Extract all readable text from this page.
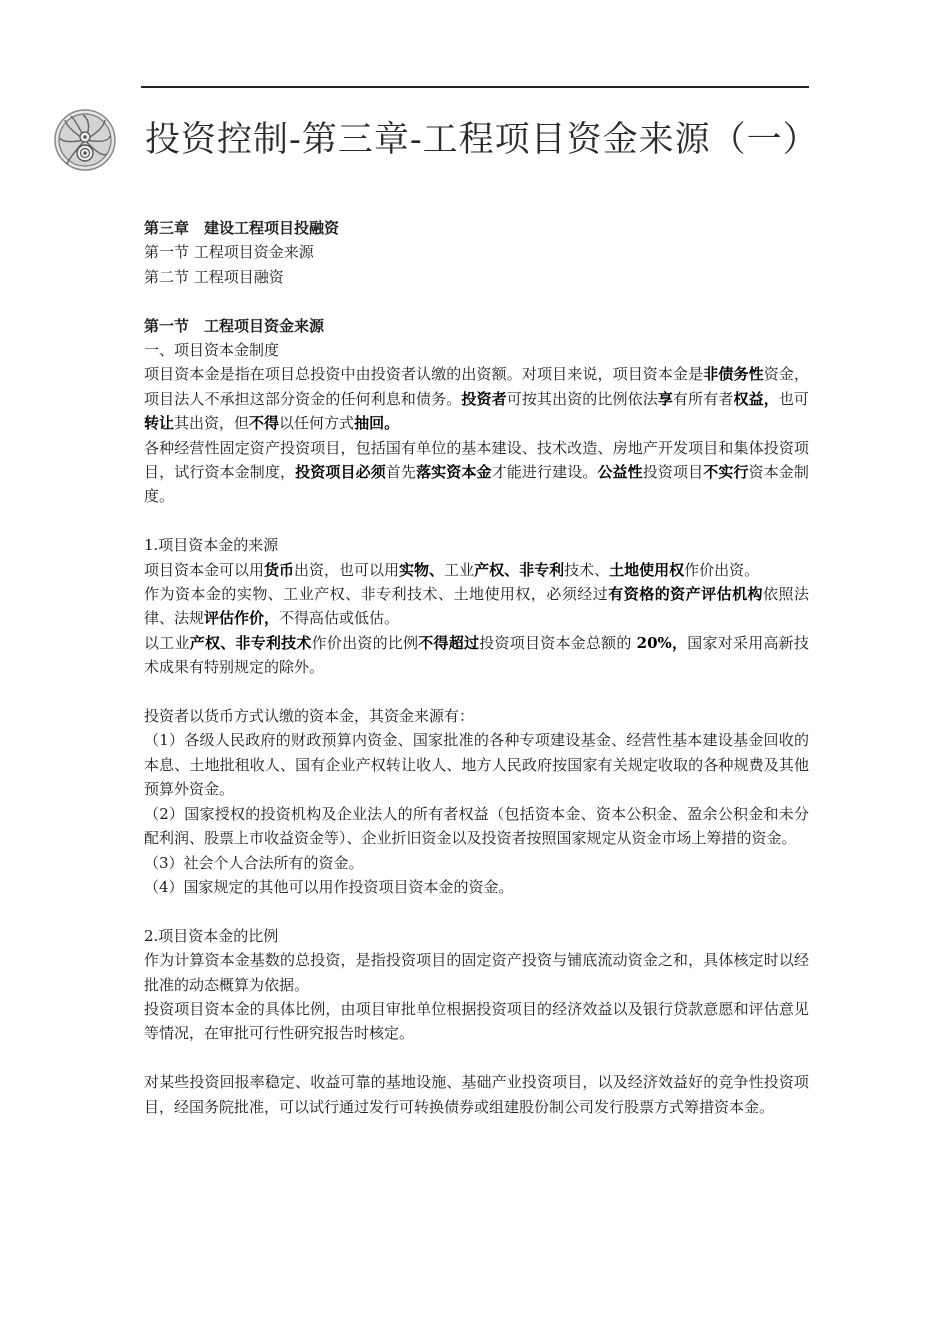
投资控制-第三章-工程项目资金来源（一）

第三章　建设工程项目投融资

第一节 工程项目资金来源

第二节 工程项目融资

第一节　工程项目资金来源

一、项目资本金制度

项目资本金是指在项目总投资中由投资者认缴的出资额。对项目来说，项目资本金是非债务性资金，项目法人不承担这部分资金的任何利息和债务。投资者可按其出资的比例依法享有所有者权益，也可转让其出资，但不得以任何方式抽回。

各种经营性固定资产投资项目，包括国有单位的基本建设、技术改造、房地产开发项目和集体投资项目，试行资本金制度，投资项目必须首先落实资本金才能进行建设。公益性投资项目不实行资本金制度。

1.项目资本金的来源

项目资本金可以用货币出资，也可以用实物、工业产权、非专利技术、土地使用权作价出资。

作为资本金的实物、工业产权、非专利技术、土地使用权，必须经过有资格的资产评估机构依照法律、法规评估作价，不得高估或低估。

以工业产权、非专利技术作价出资的比例不得超过投资项目资本金总额的 20%，国家对采用高新技术成果有特别规定的除外。

投资者以货币方式认缴的资本金，其资金来源有：

（1）各级人民政府的财政预算内资金、国家批准的各种专项建设基金、经营性基本建设基金回收的本息、土地批租收人、国有企业产权转让收人、地方人民政府按国家有关规定收取的各种规费及其他预算外资金。

（2）国家授权的投资机构及企业法人的所有者权益（包括资本金、资本公积金、盈余公积金和未分配利润、股票上市收益资金等）、企业折旧资金以及投资者按照国家规定从资金市场上筹措的资金。

（3）社会个人合法所有的资金。

（4）国家规定的其他可以用作投资项目资本金的资金。

2.项目资本金的比例

作为计算资本金基数的总投资，是指投资项目的固定资产投资与铺底流动资金之和，具体核定时以经批准的动态概算为依据。

投资项目资本金的具体比例，由项目审批单位根据投资项目的经济效益以及银行贷款意愿和评估意见等情况，在审批可行性研究报告时核定。

对某些投资回报率稳定、收益可靠的基地设施、基础产业投资项目，以及经济效益好的竞争性投资项目，经国务院批准，可以试行通过发行可转换债券或组建股份制公司发行股票方式筹措资本金。
